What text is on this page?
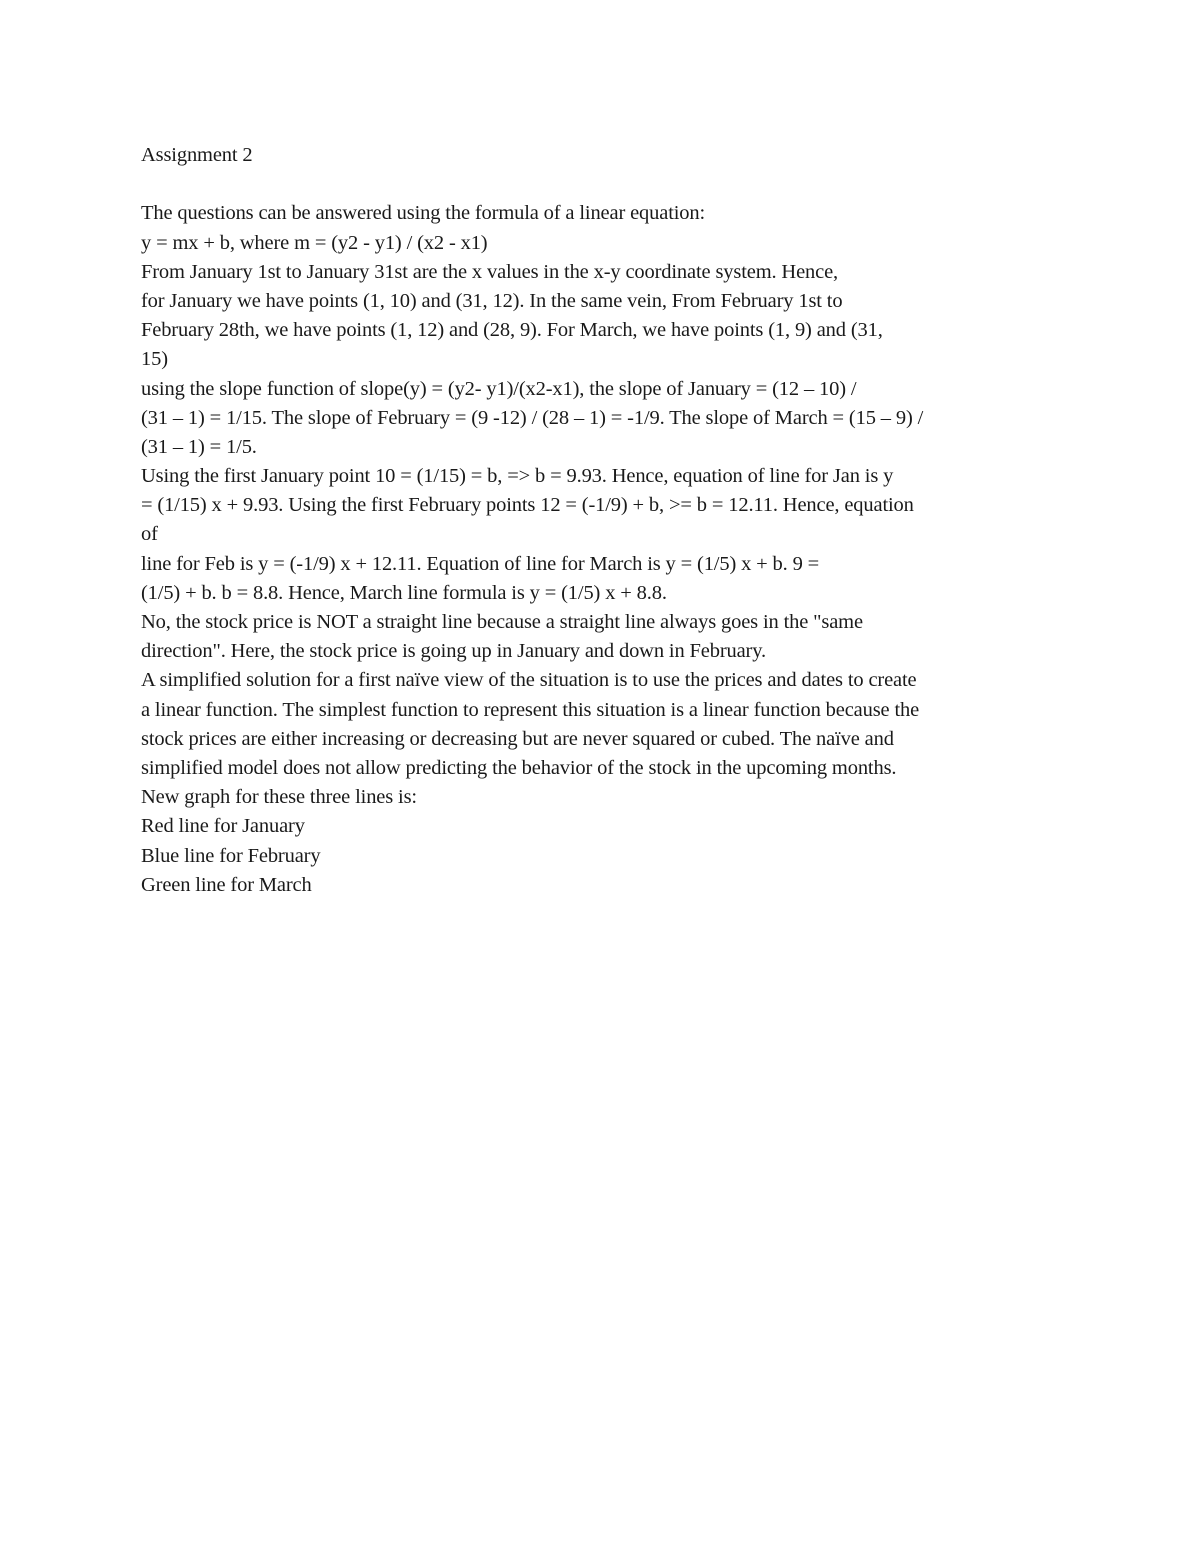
Assignment 2
The questions can be answered using the formula of a linear equation:
y = mx + b, where m = (y2 - y1) / (x2 - x1)
From January 1st to January 31st are the x values in the x-y coordinate system. Hence,
for January we have points (1, 10) and (31, 12). In the same vein, From February 1st to
February 28th, we have points (1, 12) and (28, 9). For March, we have points (1, 9) and (31,
15)
using the slope function of slope(y) = (y2- y1)/(x2-x1), the slope of January = (12 – 10) /
(31 – 1) = 1/15. The slope of February = (9 -12) / (28 – 1) = -1/9. The slope of March = (15 – 9) /
(31 – 1) = 1/5.
Using the first January point 10 = (1/15) = b, => b = 9.93. Hence, equation of line for Jan is y
= (1/15) x + 9.93. Using the first February points 12 = (-1/9) + b, >= b = 12.11. Hence, equation
of
line for Feb is y = (-1/9) x + 12.11. Equation of line for March is y = (1/5) x + b. 9 =
(1/5) + b. b = 8.8. Hence, March line formula is y = (1/5) x + 8.8.
No, the stock price is NOT a straight line because a straight line always goes in the "same
direction". Here, the stock price is going up in January and down in February.
A simplified solution for a first naïve view of the situation is to use the prices and dates to create
a linear function. The simplest function to represent this situation is a linear function because the
stock prices are either increasing or decreasing but are never squared or cubed. The naïve and
simplified model does not allow predicting the behavior of the stock in the upcoming months.
New graph for these three lines is:
Red line for January
Blue line for February
Green line for March
